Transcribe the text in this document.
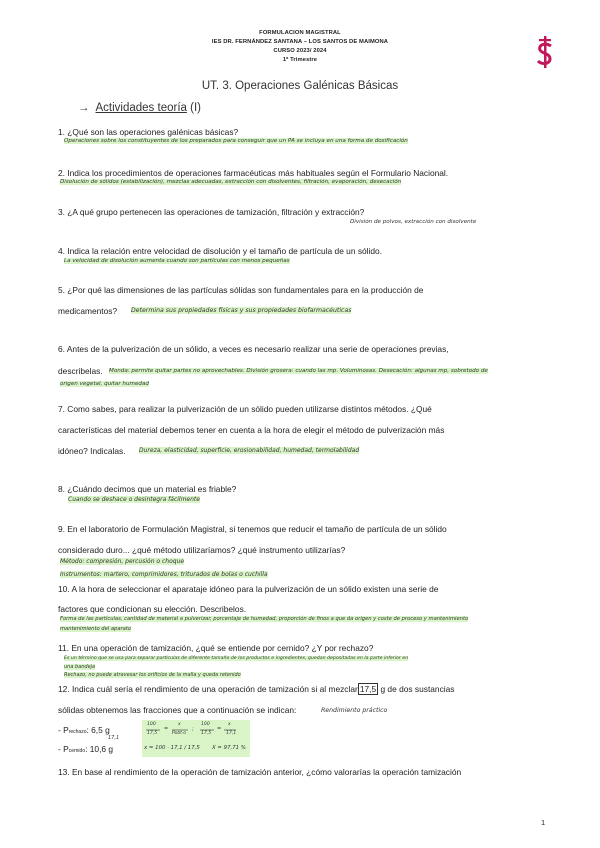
FORMULACION MAGISTRAL
IES DR. FERNÁNDEZ SANTANA – LOS SANTOS DE MAIMONA
CURSO 2023/ 2024
1º Trimestre
UT. 3. Operaciones Galénicas Básicas
→ Actividades teoría (I)
1. ¿Qué son las operaciones galénicas básicas?
Operaciones sobre los constituyentes de los preparados para conseguir que un PA se incluya en una forma de dosificación
2. Indica los procedimientos de operaciones farmacéuticas más habituales según el Formulario Nacional.
Disolución de sólidos (estabilización), mezclas adecuadas, extracción con disolventes, filtración, evaporación, desecación
3. ¿A qué grupo pertenecen las operaciones de tamización, filtración y extracción?
División de polvos, extracción con disolvente
4. Indica la relación entre velocidad de disolución y el tamaño de partícula de un sólido.
La velocidad de disolución aumenta cuando son partículas con menos pequeñas
5. ¿Por qué las dimensiones de las partículas sólidas son fundamentales para en la producción de
medicamentos? Determina sus propiedades físicas y sus propiedades biofarmacéuticas
6. Antes de la pulverización de un sólido, a veces es necesario realizar una serie de operaciones previas,
describelas. Monda: permite quitar partes no aprovechables. División grosera: cuando las mp. Voluminosas. Desecación: algunas mp, sobretodo de
origen vegetal, quitar humedad
7. Como sabes, para realizar la pulverización de un sólido pueden utilizarse distintos métodos. ¿Qué
características del material debemos tener en cuenta a la hora de elegir el método de pulverización más
idóneo? Indicalas. Dureza, elasticidad, superficie, erosionabilidad, humedad, termolabilidad
8. ¿Cuándo decimos que un material es friable?
Cuando se deshace o desintegra fácilmente
9. En el laboratorio de Formulación Magistral, si tenemos que reducir el tamaño de partícula de un sólido
considerado duro... ¿qué método utilizaríamos? ¿qué instrumento utilizarías?
Método: compresión, percusión o choque
Instrumentos: martero, comprimidores, triturados de bolas o cuchilla
10. A la hora de seleccionar el aparataje idóneo para la pulverización de un sólido existen una serie de
factores que condicionan su elección. Describelos.
Forma de las partículas, cantidad de material a pulverizar, porcentaje de humedad, proporción de finos a que da origen y coste de proceso y mantenimiento
mantenimiento del aparato
11. En una operación de tamización, ¿qué se entiende por cernido? ¿Y por rechazo?
Es un término que se usa para separar partículas de diferente tamaño de los productos e ingredientes, quedan depositadas en la parte inferior en
una bandeja
Rechazo, no puede atravesar los orificios de la malla y queda retenido
12. Indica cuál sería el rendimiento de una operación de tamización si al mezclar 17,5 g de dos sustancias
sólidas obtenemos las fracciones que a continuación se indican:	Rendimiento práctico
- Prechazo: 6,5 g
- Pcernido: 10,6 g
17,1
100
17,5
=
x
Pobt·o
;
100
17,5
=
x
17,1
x = 100 · 17,1 / 17,5 X = 97,71 %
13. En base al rendimiento de la operación de tamización anterior, ¿cómo valorarías la operación tamización
1
